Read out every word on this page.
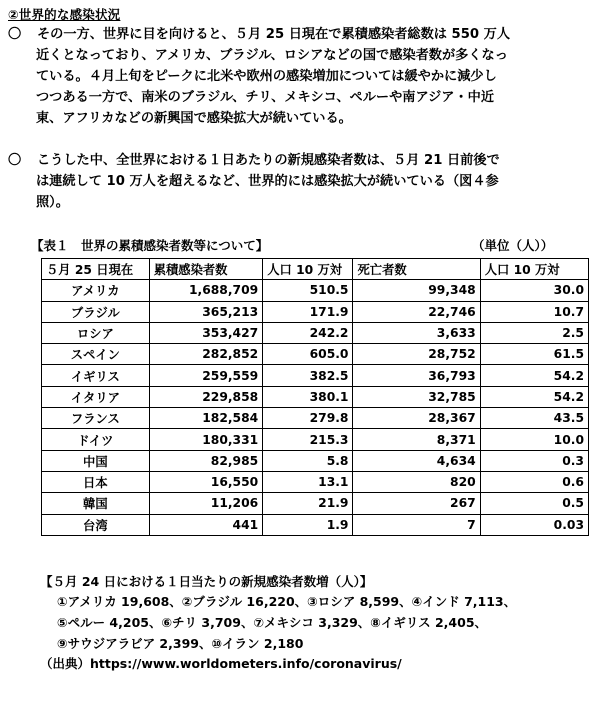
②世界的な感染状況
〇	その一方、世界に目を向けると、５月 25 日現在で累積感染者総数は 550 万人
近くとなっており、アメリカ、ブラジル、ロシアなどの国で感染者数が多くなっ
ている。４月上旬をピークに北米や欧州の感染増加については緩やかに減少し
つつある一方で、南米のブラジル、チリ、メキシコ、ペルーや南アジア・中近
東、アフリカなどの新興国で感染拡大が続いている。
〇	こうした中、全世界における１日あたりの新規感染者数は、５月 21 日前後で
は連続して 10 万人を超えるなど、世界的には感染拡大が続いている（図４参
照）。
【表１　世界の累積感染者数等について】	（単位（人））
５月 25 日現在	累積感染者数	人口 10 万対	死亡者数	人口 10 万対
アメリカ	1,688,709	510.5	99,348	30.0
ブラジル	365,213	171.9	22,746	10.7
ロシア	353,427	242.2	3,633	2.5
スペイン	282,852	605.0	28,752	61.5
イギリス	259,559	382.5	36,793	54.2
イタリア	229,858	380.1	32,785	54.2
フランス	182,584	279.8	28,367	43.5
ドイツ	180,331	215.3	8,371	10.0
中国	82,985	5.8	4,634	0.3
日本	16,550	13.1	820	0.6
韓国	11,206	21.9	267	0.5
台湾	441	1.9	7	0.03
【５月 24 日における１日当たりの新規感染者数増（人）】
①アメリカ 19,608、②ブラジル 16,220、③ロシア 8,599、④インド 7,113、
⑤ペルー 4,205、⑥チリ 3,709、⑦メキシコ 3,329、⑧イギリス 2,405、
⑨サウジアラビア 2,399、⑩イラン 2,180
（出典）https://www.worldometers.info/coronavirus/
